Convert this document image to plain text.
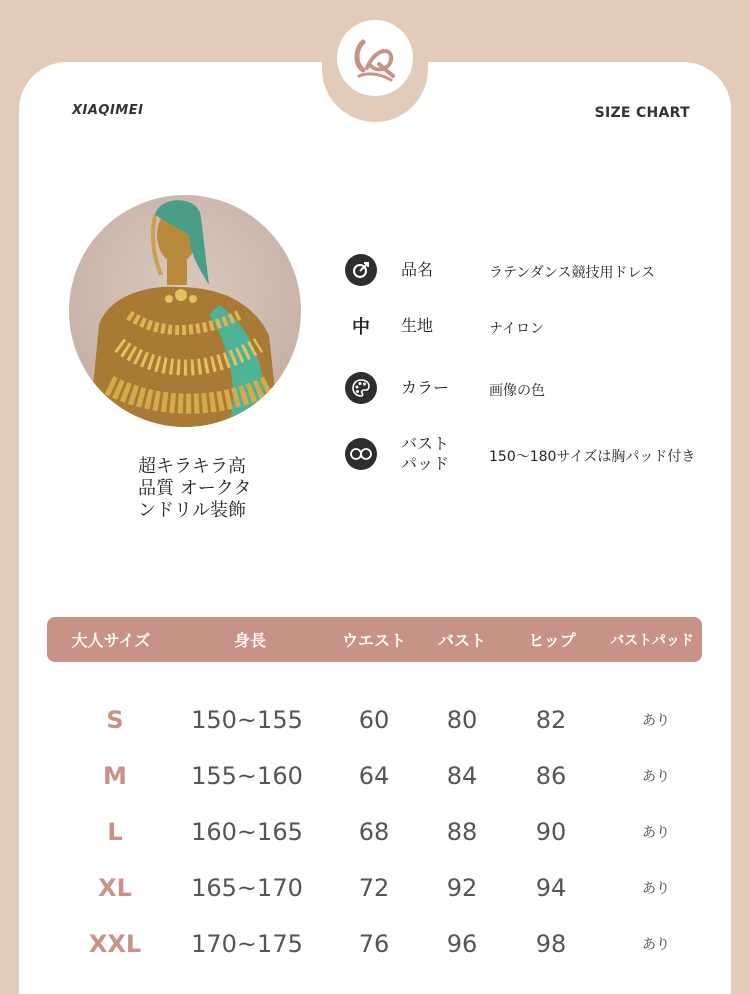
XIAQIMEI	SIZE CHART
超キラキラ高
品質 オークタ
ンドリル装飾
品名	ラテンダンス競技用ドレス
中	生地	ナイロン
カラー	画像の色
バスト
パッド	150〜180サイズは胸パッド付き
大人サイズ	身長	ウエスト	バスト	ヒップ	バストパッド
S	150~155	60	80	82	あり
M	155~160	64	84	86	あり
L	160~165	68	88	90	あり
XL	165~170	72	92	94	あり
XXL	170~175	76	96	98	あり
